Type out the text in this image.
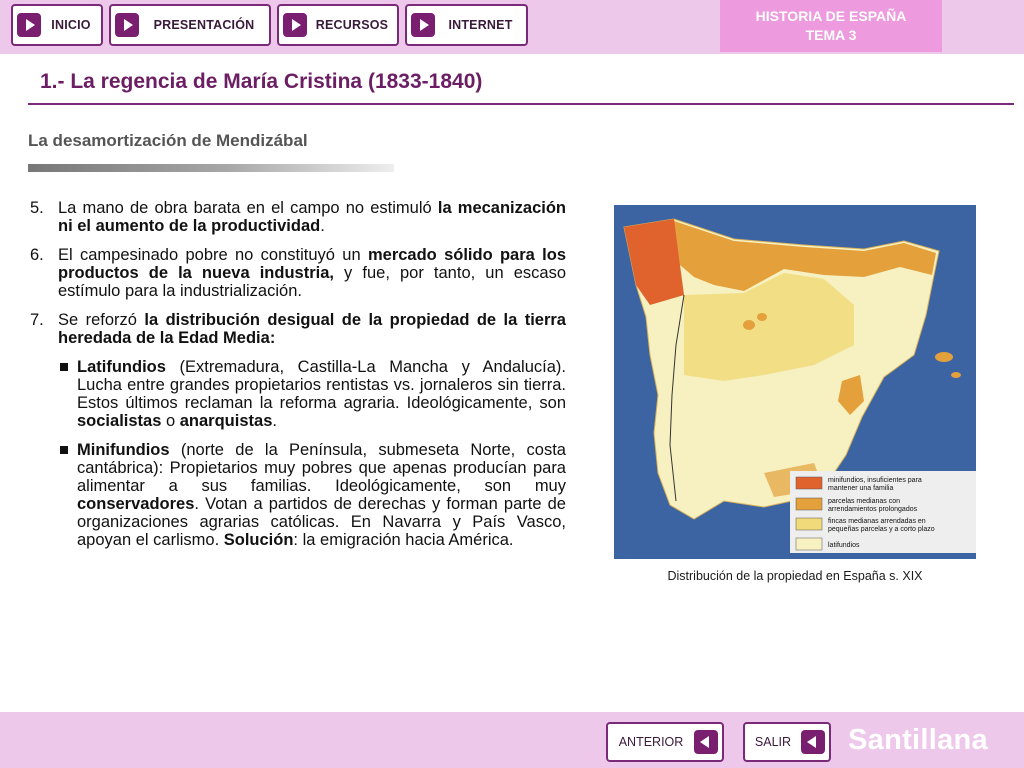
INICIO	PRESENTACIÓN	RECURSOS	INTERNET
HISTORIA DE ESPAÑA
TEMA 3
1.- La regencia de María Cristina (1833-1840)
La desamortización de Mendizábal
5. La mano de obra barata en el campo no estimuló la mecanización ni el aumento de la productividad.
6. El campesinado pobre no constituyó un mercado sólido para los productos de la nueva industria, y fue, por tanto, un escaso estímulo para la industrialización.
7. Se reforzó la distribución desigual de la propiedad de la tierra heredada de la Edad Media:
Latifundios (Extremadura, Castilla-La Mancha y Andalucía). Lucha entre grandes propietarios rentistas vs. jornaleros sin tierra. Estos últimos reclaman la reforma agraria. Ideológicamente, son socialistas o anarquistas.
Minifundios (norte de la Península, submeseta Norte, costa cantábrica): Propietarios muy pobres que apenas producían para alimentar a sus familias. Ideológicamente, son muy conservadores. Votan a partidos de derechas y forman parte de organizaciones agrarias católicas. En Navarra y País Vasco, apoyan el carlismo. Solución: la emigración hacia América.
minifundios, insuficientes para
mantener una familia
parcelas medianas con
arrendamientos prolongados
fincas medianas arrendadas en
pequeñas parcelas y a corto plazo
latifundios
Distribución de la propiedad en España s. XIX
ANTERIOR	SALIR	Santillana
